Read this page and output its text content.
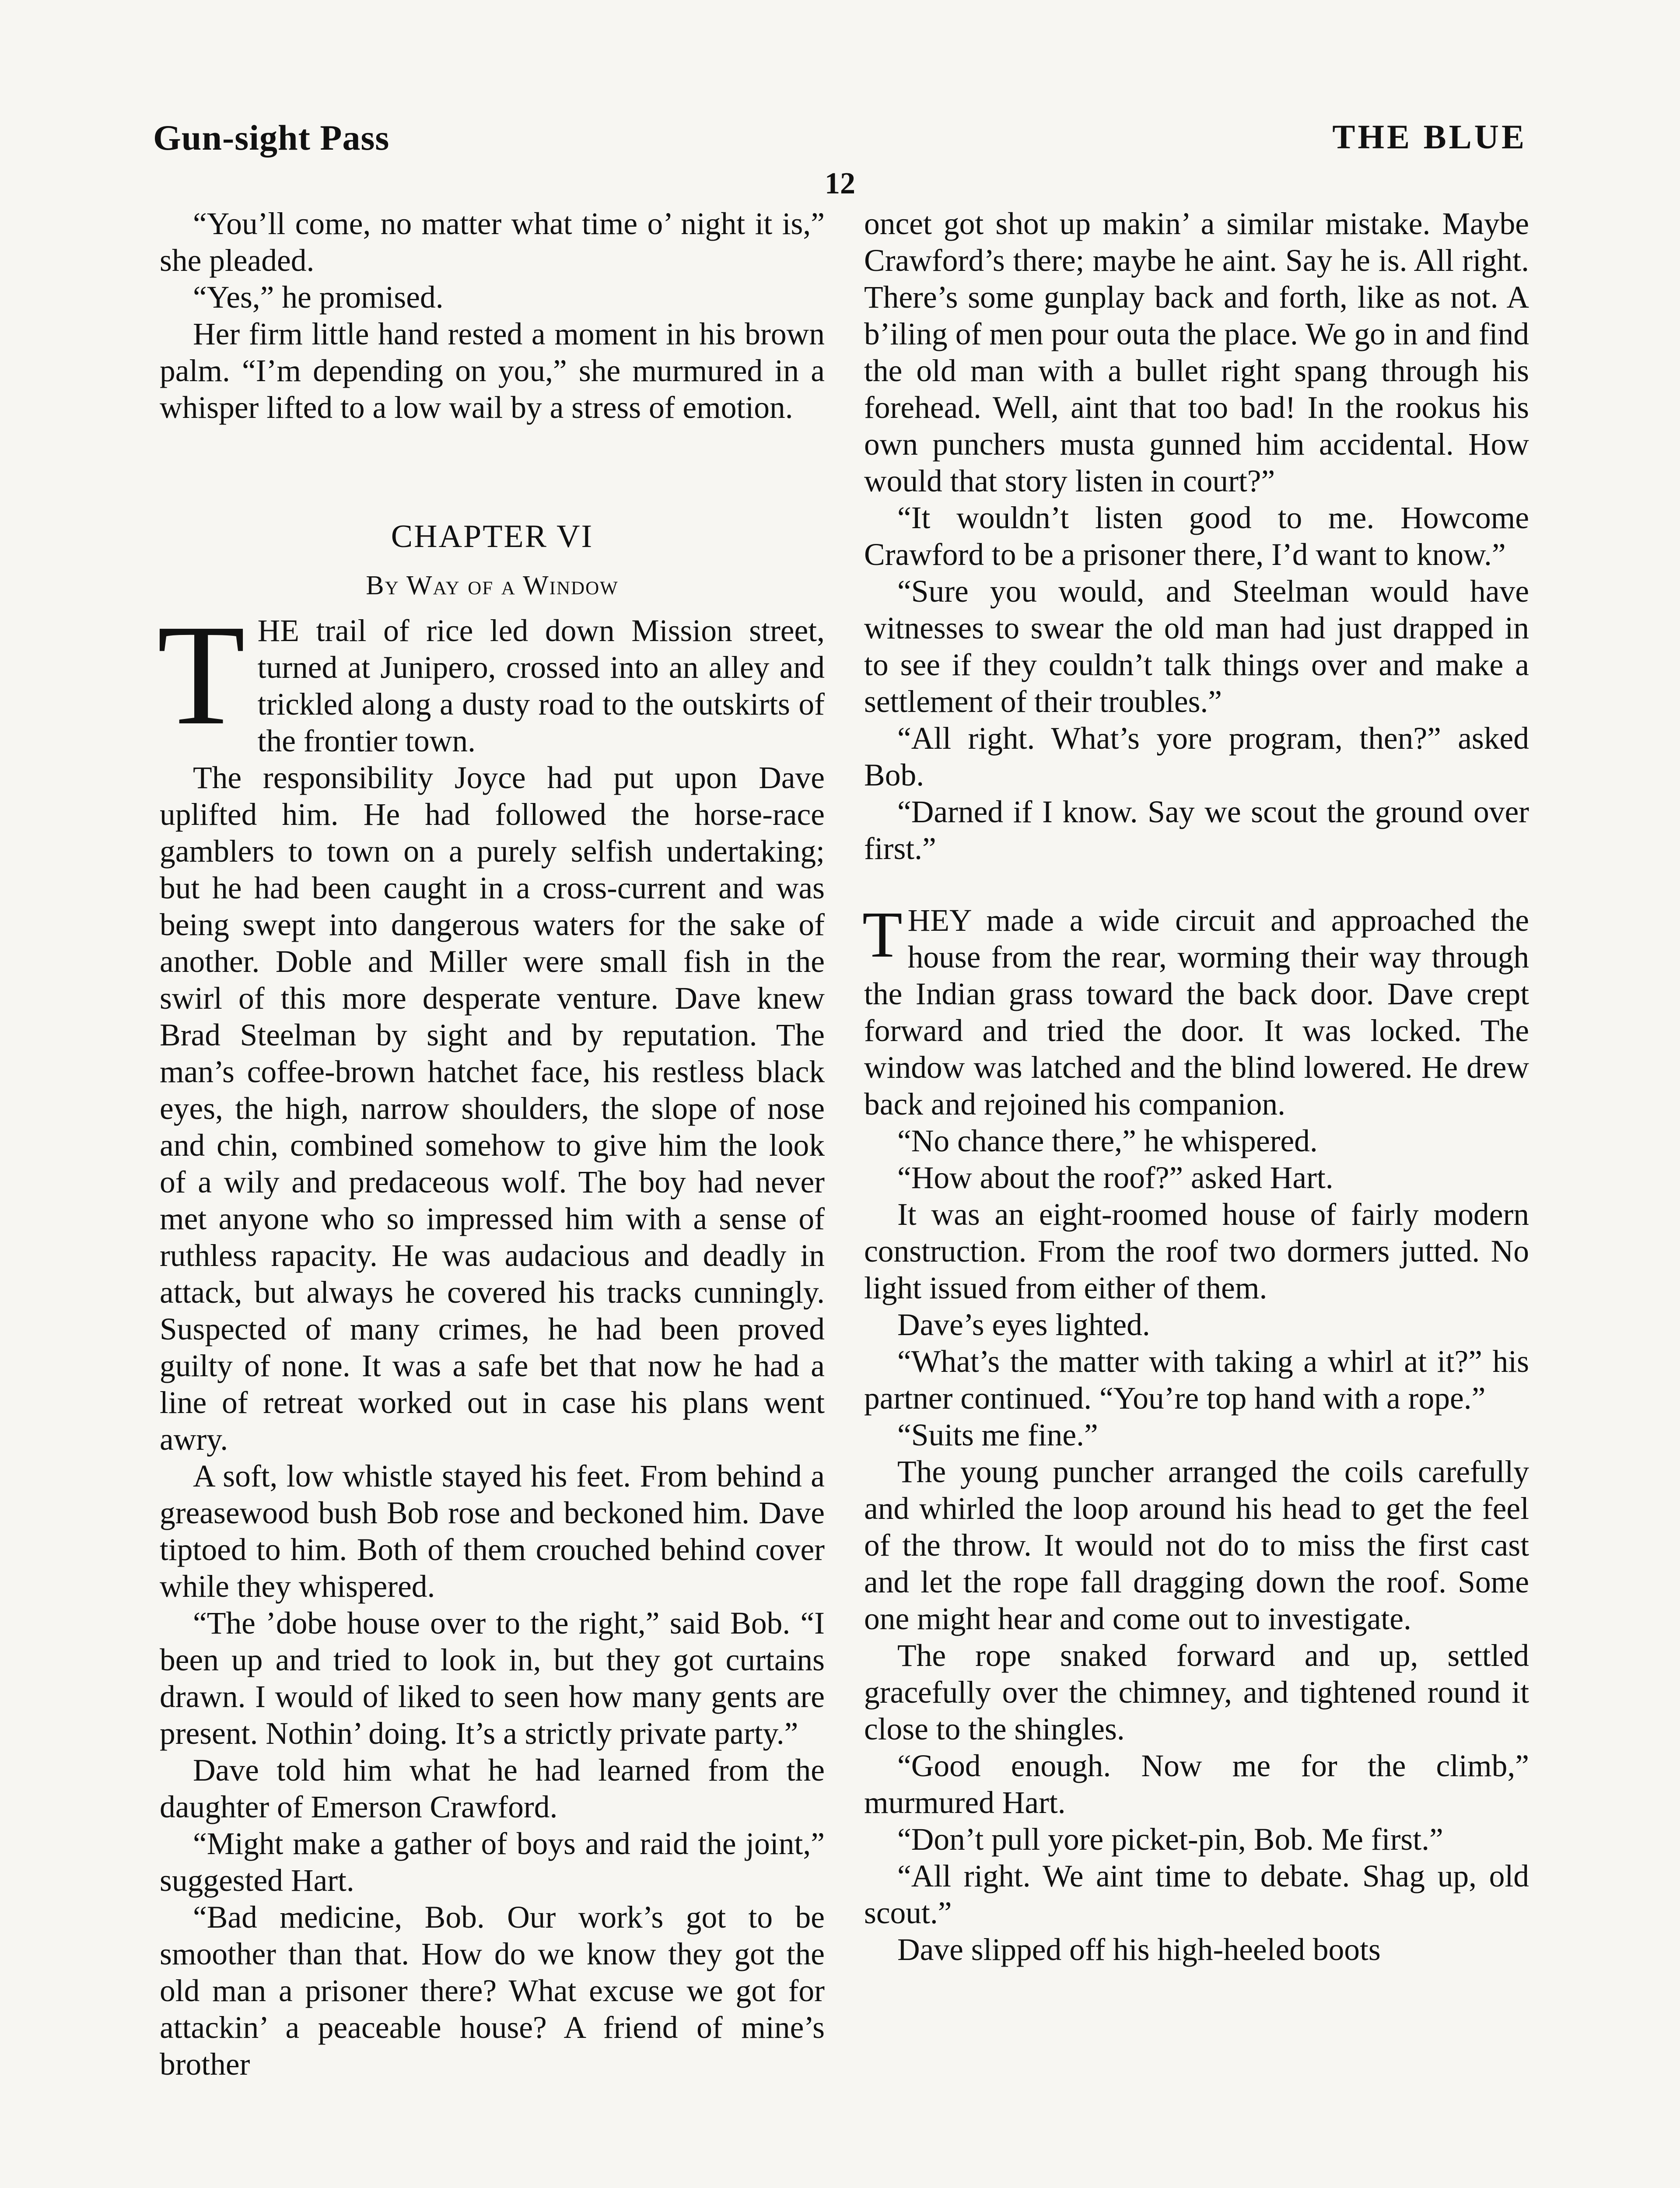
Gun-sight Pass	THE BLUE
12

“You’ll come, no matter what time o’ night it is,” she pleaded.

“Yes,” he promised.

Her firm little hand rested a moment in his brown palm. “I’m depending on you,” she murmured in a whisper lifted to a low wail by a stress of emotion.

CHAPTER VI

By Way of a Window

THE trail of rice led down Mission street, turned at Junipero, crossed into an alley and trickled along a dusty road to the outskirts of the frontier town.

The responsibility Joyce had put upon Dave uplifted him. He had followed the horse-race gamblers to town on a purely selfish undertaking; but he had been caught in a cross-current and was being swept into dangerous waters for the sake of another. Doble and Miller were small fish in the swirl of this more desperate venture. Dave knew Brad Steelman by sight and by reputation. The man’s coffee-brown hatchet face, his restless black eyes, the high, narrow shoulders, the slope of nose and chin, combined somehow to give him the look of a wily and predaceous wolf. The boy had never met anyone who so impressed him with a sense of ruthless rapacity. He was audacious and deadly in attack, but always he covered his tracks cunningly. Suspected of many crimes, he had been proved guilty of none. It was a safe bet that now he had a line of retreat worked out in case his plans went awry.

A soft, low whistle stayed his feet. From behind a greasewood bush Bob rose and beckoned him. Dave tiptoed to him. Both of them crouched behind cover while they whispered.

“The ’dobe house over to the right,” said Bob. “I been up and tried to look in, but they got curtains drawn. I would of liked to seen how many gents are present. Nothin’ doing. It’s a strictly private party.”

Dave told him what he had learned from the daughter of Emerson Crawford.

“Might make a gather of boys and raid the joint,” suggested Hart.

“Bad medicine, Bob. Our work’s got to be smoother than that. How do we know they got the old man a prisoner there? What excuse we got for attackin’ a peaceable house? A friend of mine’s brother

oncet got shot up makin’ a similar mistake. Maybe Crawford’s there; maybe he aint. Say he is. All right. There’s some gunplay back and forth, like as not. A b’iling of men pour outa the place. We go in and find the old man with a bullet right spang through his forehead. Well, aint that too bad! In the rookus his own punchers musta gunned him accidental. How would that story listen in court?”

“It wouldn’t listen good to me. Howcome Crawford to be a prisoner there, I’d want to know.”

“Sure you would, and Steelman would have witnesses to swear the old man had just drapped in to see if they couldn’t talk things over and make a settlement of their troubles.”

“All right. What’s yore program, then?” asked Bob.

“Darned if I know. Say we scout the ground over first.”

THEY made a wide circuit and approached the house from the rear, worming their way through the Indian grass toward the back door. Dave crept forward and tried the door. It was locked. The window was latched and the blind lowered. He drew back and rejoined his companion.

“No chance there,” he whispered.

“How about the roof?” asked Hart.

It was an eight-roomed house of fairly modern construction. From the roof two dormers jutted. No light issued from either of them.

Dave’s eyes lighted.

“What’s the matter with taking a whirl at it?” his partner continued. “You’re top hand with a rope.”

“Suits me fine.”

The young puncher arranged the coils carefully and whirled the loop around his head to get the feel of the throw. It would not do to miss the first cast and let the rope fall dragging down the roof. Some one might hear and come out to investigate.

The rope snaked forward and up, settled gracefully over the chimney, and tightened round it close to the shingles.

“Good enough. Now me for the climb,” murmured Hart.

“Don’t pull yore picket-pin, Bob. Me first.”

“All right. We aint time to debate. Shag up, old scout.”

Dave slipped off his high-heeled boots
